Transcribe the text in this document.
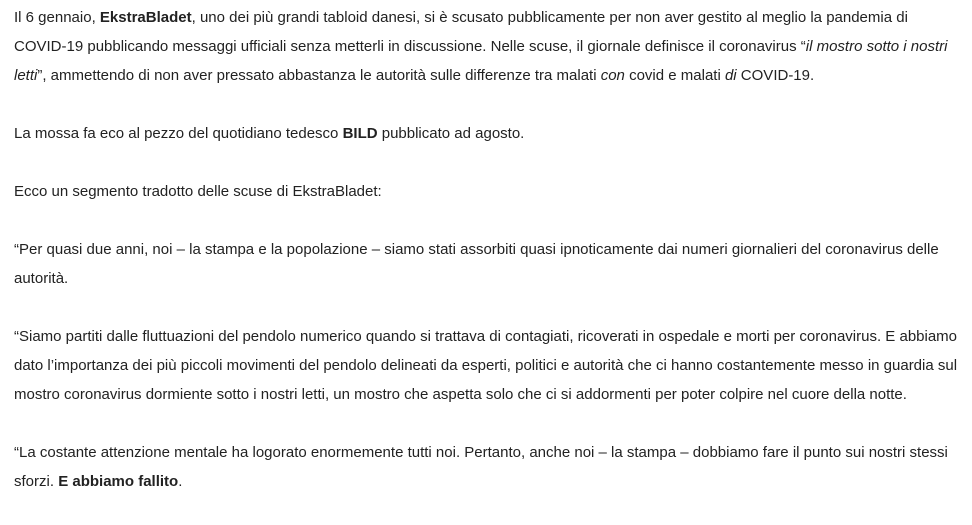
Il 6 gennaio, EkstraBladet, uno dei più grandi tabloid danesi, si è scusato pubblicamente per non aver gestito al meglio la pandemia di COVID-19 pubblicando messaggi ufficiali senza metterli in discussione. Nelle scuse, il giornale definisce il coronavirus “il mostro sotto i nostri letti”, ammettendo di non aver pressato abbastanza le autorità sulle differenze tra malati con covid e malati di COVID-19.

La mossa fa eco al pezzo del quotidiano tedesco BILD pubblicato ad agosto.

Ecco un segmento tradotto delle scuse di EkstraBladet:

“Per quasi due anni, noi – la stampa e la popolazione – siamo stati assorbiti quasi ipnoticamente dai numeri giornalieri del coronavirus delle autorità.

“Siamo partiti dalle fluttuazioni del pendolo numerico quando si trattava di contagiati, ricoverati in ospedale e morti per coronavirus. E abbiamo dato l’importanza dei più piccoli movimenti del pendolo delineati da esperti, politici e autorità che ci hanno costantemente messo in guardia sul mostro coronavirus dormiente sotto i nostri letti, un mostro che aspetta solo che ci si addormenti per poter colpire nel cuore della notte.

“La costante attenzione mentale ha logorato enormemente tutti noi. Pertanto, anche noi – la stampa – dobbiamo fare il punto sui nostri stessi sforzi. E abbiamo fallito.
